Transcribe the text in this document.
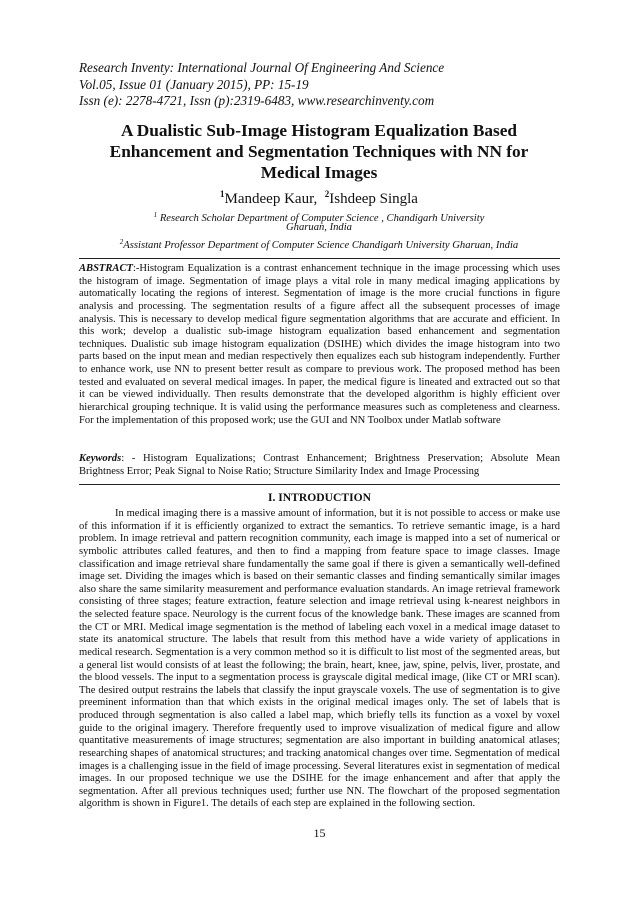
Research Inventy: International Journal Of Engineering And Science
Vol.05, Issue 01 (January 2015), PP: 15-19
Issn (e): 2278-4721, Issn (p):2319-6483, www.researchinventy.com
A Dualistic Sub-Image Histogram Equalization Based
Enhancement and Segmentation Techniques with NN for
Medical Images
$^1$Mandeep Kaur, $^2$Ishdeep Singla
$^1$ Research Scholar Department of Computer Science , Chandigarh University
Gharuan, India
$^2$Assistant Professor Department of Computer Science Chandigarh University Gharuan, India
ABSTRACT:-Histogram Equalization is a contrast enhancement technique in the image processing which uses the histogram of image. Segmentation of image plays a vital role in many medical imaging applications by automatically locating the regions of interest. Segmentation of image is the more crucial functions in figure analysis and processing. The segmentation results of a figure affect all the subsequent processes of image analysis. This is necessary to develop medical figure segmentation algorithms that are accurate and efficient. In this work; develop a dualistic sub-image histogram equalization based enhancement and segmentation techniques. Dualistic sub image histogram equalization (DSIHE) which divides the image histogram into two parts based on the input mean and median respectively then equalizes each sub histogram independently. Further to enhance work, use NN to present better result as compare to previous work. The proposed method has been tested and evaluated on several medical images. In paper, the medical figure is lineated and extracted out so that it can be viewed individually. Then results demonstrate that the developed algorithm is highly efficient over hierarchical grouping technique. It is valid using the performance measures such as completeness and clearness. For the implementation of this proposed work; use the GUI and NN Toolbox under Matlab software
Keywords: - Histogram Equalizations; Contrast Enhancement; Brightness Preservation; Absolute Mean Brightness Error; Peak Signal to Noise Ratio; Structure Similarity Index and Image Processing
I. INTRODUCTION
In medical imaging there is a massive amount of information, but it is not possible to access or make use of this information if it is efficiently organized to extract the semantics. To retrieve semantic image, is a hard problem. In image retrieval and pattern recognition community, each image is mapped into a set of numerical or symbolic attributes called features, and then to find a mapping from feature space to image classes. Image classification and image retrieval share fundamentally the same goal if there is given a semantically well-defined image set. Dividing the images which is based on their semantic classes and finding semantically similar images also share the same similarity measurement and performance evaluation standards. An image retrieval framework consisting of three stages; feature extraction, feature selection and image retrieval using k-nearest neighbors in the selected feature space. Neurology is the current focus of the knowledge bank. These images are scanned from the CT or MRI. Medical image segmentation is the method of labeling each voxel in a medical image dataset to state its anatomical structure. The labels that result from this method have a wide variety of applications in medical research. Segmentation is a very common method so it is difficult to list most of the segmented areas, but a general list would consists of at least the following; the brain, heart, knee, jaw, spine, pelvis, liver, prostate, and the blood vessels. The input to a segmentation process is grayscale digital medical image, (like CT or MRI scan). The desired output restrains the labels that classify the input grayscale voxels. The use of segmentation is to give preeminent information than that which exists in the original medical images only. The set of labels that is produced through segmentation is also called a label map, which briefly tells its function as a voxel by voxel guide to the original imagery. Therefore frequently used to improve visualization of medical figure and allow quantitative measurements of image structures; segmentation are also important in building anatomical atlases; researching shapes of anatomical structures; and tracking anatomical changes over time. Segmentation of medical images is a challenging issue in the field of image processing. Several literatures exist in segmentation of medical images. In our proposed technique we use the DSIHE for the image enhancement and after that apply the segmentation. After all previous techniques used; further use NN. The flowchart of the proposed segmentation algorithm is shown in Figure1. The details of each step are explained in the following section.
15
